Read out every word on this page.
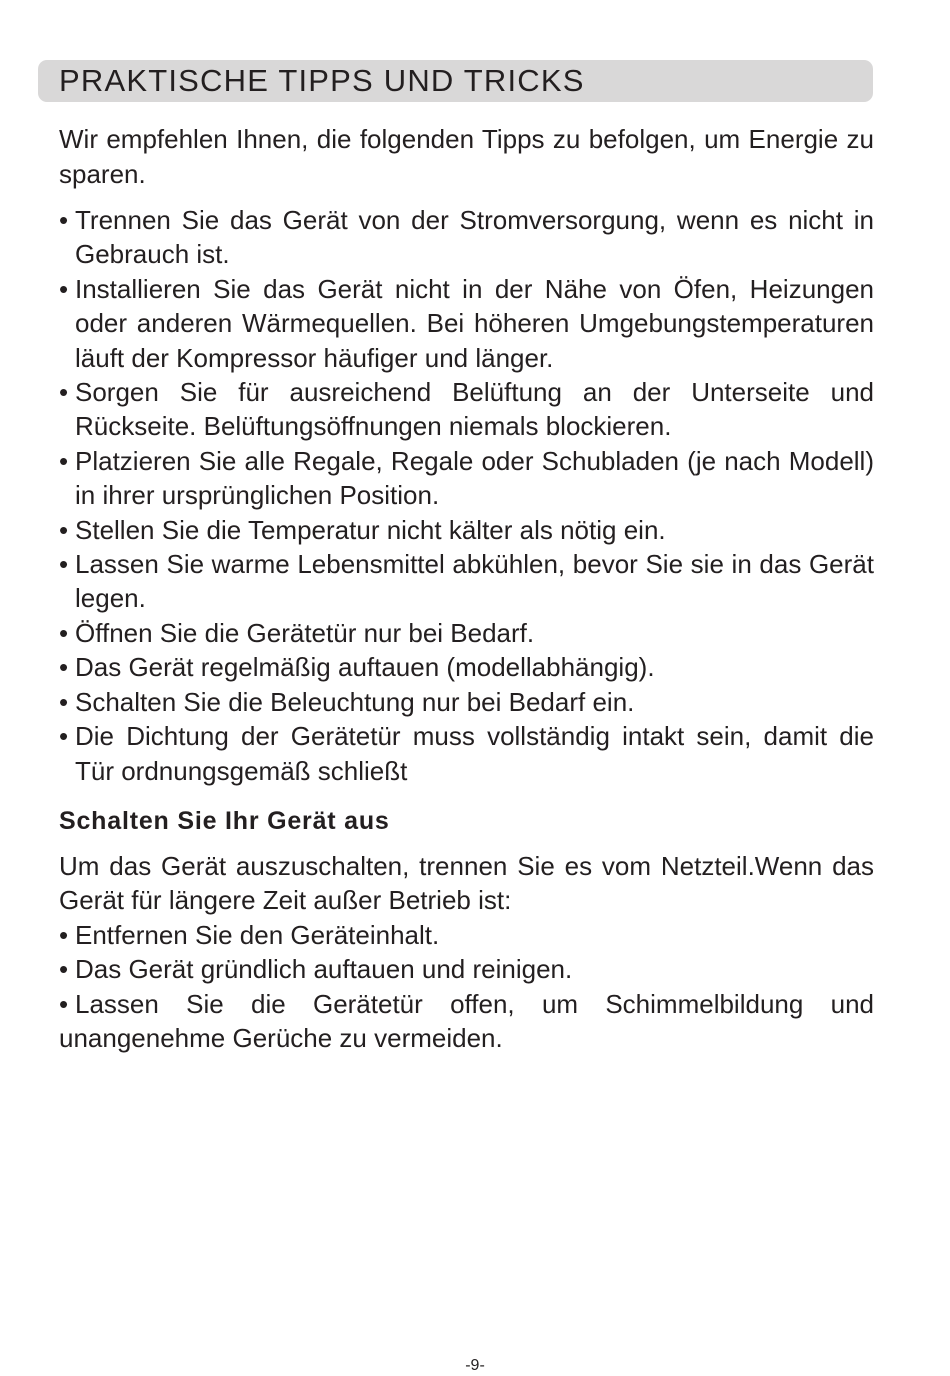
PRAKTISCHE TIPPS UND TRICKS

Wir empfehlen Ihnen, die folgenden Tipps zu befolgen, um Energie zu sparen.

• Trennen Sie das Gerät von der Stromversorgung, wenn es nicht in Gebrauch ist.
• Installieren Sie das Gerät nicht in der Nähe von Öfen, Heizungen oder anderen Wärmequellen. Bei höheren Umgebungstemperaturen läuft der Kompressor häufiger und länger.
• Sorgen Sie für ausreichend Belüftung an der Unterseite und Rückseite. Belüftungsöffnungen niemals blockieren.
• Platzieren Sie alle Regale, Regale oder Schubladen (je nach Modell) in ihrer ursprünglichen Position.
• Stellen Sie die Temperatur nicht kälter als nötig ein.
• Lassen Sie warme Lebensmittel abkühlen, bevor Sie sie in das Gerät legen.
• Öffnen Sie die Gerätetür nur bei Bedarf.
• Das Gerät regelmäßig auftauen (modellabhängig).
• Schalten Sie die Beleuchtung nur bei Bedarf ein.
• Die Dichtung der Gerätetür muss vollständig intakt sein, damit die Tür ordnungsgemäß schließt
Schalten Sie Ihr Gerät aus

Um das Gerät auszuschalten, trennen Sie es vom Netzteil.Wenn das Gerät für längere Zeit außer Betrieb ist:

• Entfernen Sie den Geräteinhalt.
• Das Gerät gründlich auftauen und reinigen.
• Lassen Sie die Gerätetür offen, um Schimmelbildung und unangenehme Gerüche zu vermeiden.
-9-
